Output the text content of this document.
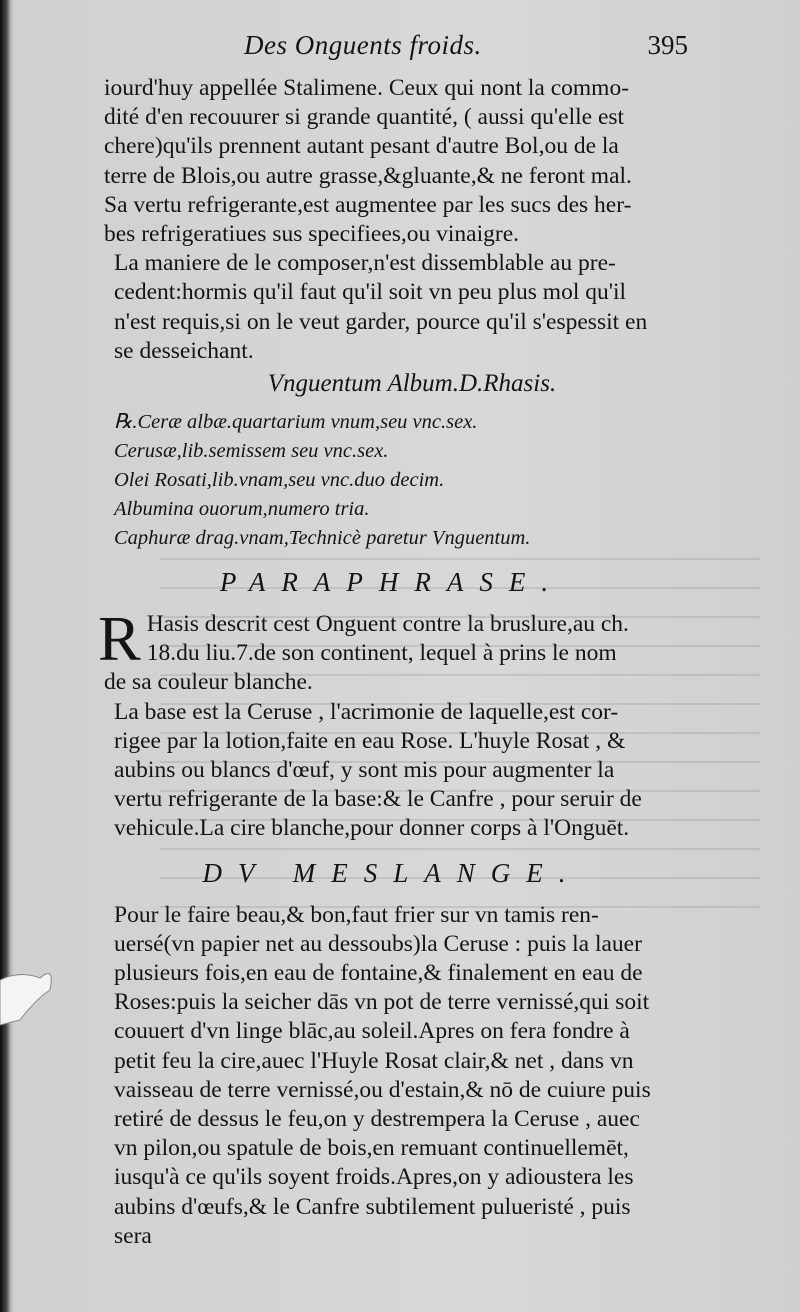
Des Onguents froids.	395
iourd'huy appellée Stalimene. Ceux qui nont la commo-
dité d'en recouurer si grande quantité, ( aussi qu'elle est
chere)qu'ils prennent autant pesant d'autre Bol,ou de la
terre de Blois,ou autre grasse,&gluante,& ne feront mal.
Sa vertu refrigerante,est augmentee par les sucs des her-
bes refrigeratiues sus specifiees,ou vinaigre.
La maniere de le composer,n'est dissemblable au pre-
cedent:hormis qu'il faut qu'il soit vn peu plus mol qu'il
n'est requis,si on le veut garder, pource qu'il s'espessit en
se desseichant.
Vnguentum Album.D.Rhasis.
℞.Ceræ albæ.quartarium vnum,seu vnc.sex.
Cerusæ,lib.semissem seu vnc.sex.
Olei Rosati,lib.vnam,seu vnc.duo decim.
Albumina ouorum,numero tria.
Caphuræ drag.vnam,Technicè paretur Vnguentum.
PARAPHRASE.
R Hasis descrit cest Onguent contre la bruslure,au ch.
18.du liu.7.de son continent, lequel à prins le nom
de sa couleur blanche.
La base est la Ceruse , l'acrimonie de laquelle,est cor-
rigee par la lotion,faite en eau Rose. L'huyle Rosat , &
aubins ou blancs d'œuf, y sont mis pour augmenter la
vertu refrigerante de la base:& le Canfre , pour seruir de
vehicule.La cire blanche,pour donner corps à l'Onguēt.
DV MESLANGE.
Pour le faire beau,& bon,faut frier sur vn tamis ren-
uersé(vn papier net au dessoubs)la Ceruse : puis la lauer
plusieurs fois,en eau de fontaine,& finalement en eau de
Roses:puis la seicher dās vn pot de terre vernissé,qui soit
couuert d'vn linge blāc,au soleil.Apres on fera fondre à
petit feu la cire,auec l'Huyle Rosat clair,& net , dans vn
vaisseau de terre vernissé,ou d'estain,& nō de cuiure puis
retiré de dessus le feu,on y destrempera la Ceruse , auec
vn pilon,ou spatule de bois,en remuant continuellemēt,
iusqu'à ce qu'ils soyent froids.Apres,on y adioustera les
aubins d'œufs,& le Canfre subtilement pulueristé , puis
sera
